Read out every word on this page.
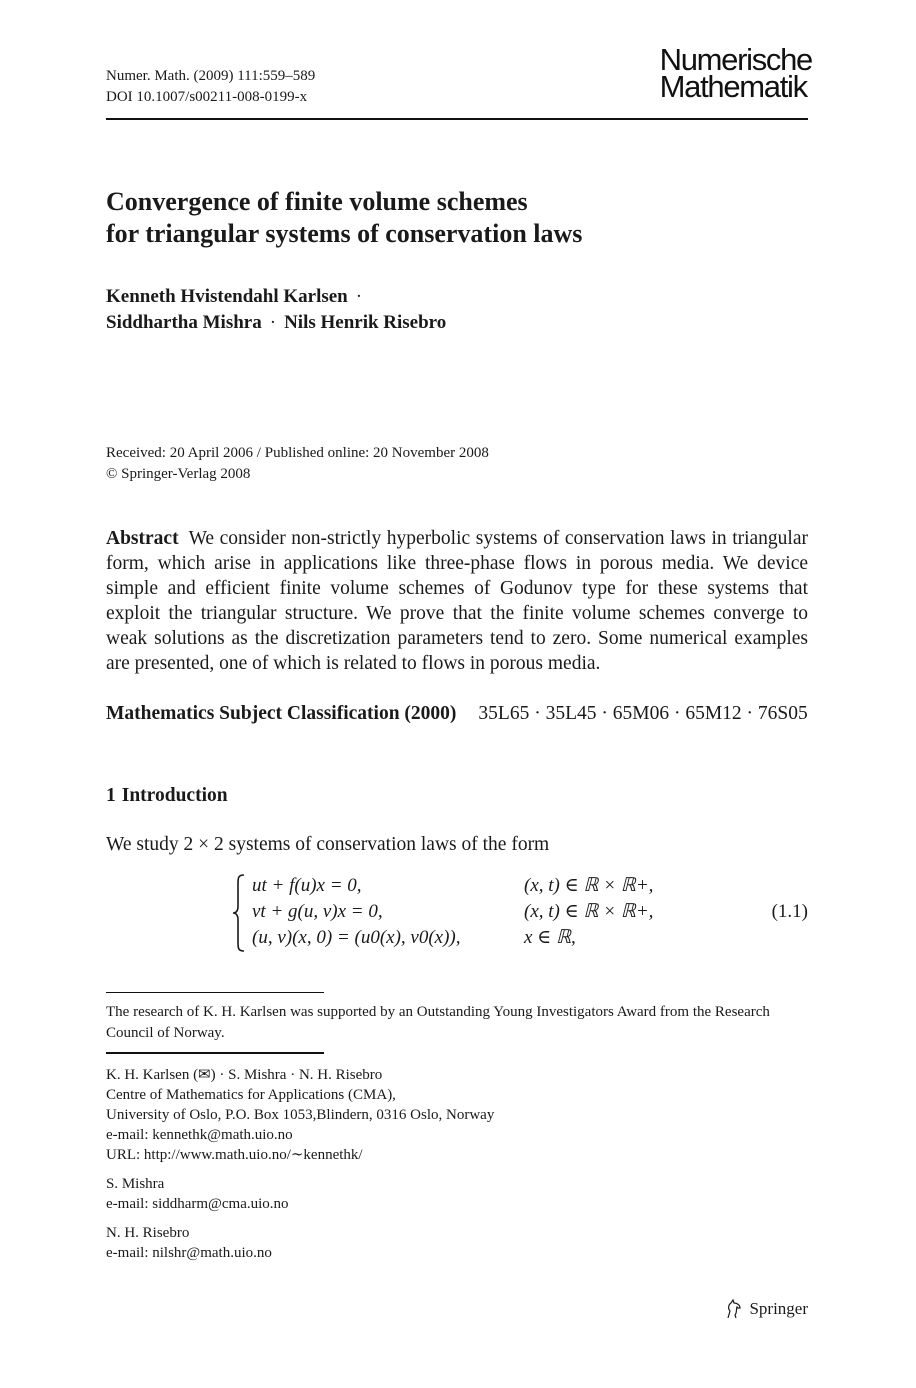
Numer. Math. (2009) 111:559–589
DOI 10.1007/s00211-008-0199-x
Numerische
Mathematik
Convergence of finite volume schemes
for triangular systems of conservation laws
Kenneth Hvistendahl Karlsen ·
Siddhartha Mishra · Nils Henrik Risebro
Received: 20 April 2006 / Published online: 20 November 2008
© Springer-Verlag 2008
Abstract We consider non-strictly hyperbolic systems of conservation laws in triangular form, which arise in applications like three-phase flows in porous media. We device simple and efficient finite volume schemes of Godunov type for these systems that exploit the triangular structure. We prove that the finite volume schemes converge to weak solutions as the discretization parameters tend to zero. Some numerical examples are presented, one of which is related to flows in porous media.
Mathematics Subject Classification (2000) 35L65 · 35L45 · 65M06 · 65M12 · 76S05
1 Introduction
We study 2 × 2 systems of conservation laws of the form
ut + f(u)x = 0,	(x, t) ∈ ℝ × ℝ+,
vt + g(u, v)x = 0,	(x, t) ∈ ℝ × ℝ+,
(u, v)(x, 0) = (u0(x), v0(x)),	x ∈ ℝ,
(1.1)
The research of K. H. Karlsen was supported by an Outstanding Young Investigators Award from the Research Council of Norway.
K. H. Karlsen (✉) · S. Mishra · N. H. Risebro
Centre of Mathematics for Applications (CMA),
University of Oslo, P.O. Box 1053,Blindern, 0316 Oslo, Norway
e-mail: kennethk@math.uio.no
URL: http://www.math.uio.no/∼kennethk/
S. Mishra
e-mail: siddharm@cma.uio.no
N. H. Risebro
e-mail: nilshr@math.uio.no
Springer
